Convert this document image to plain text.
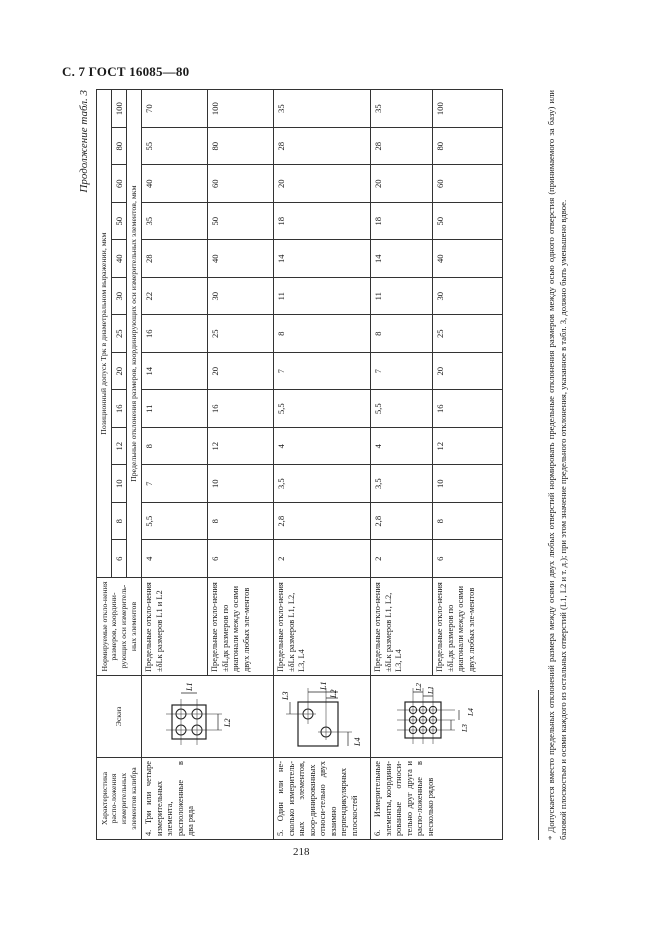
С. 7 ГОСТ 16085—80
Продолжение табл. 3
Характеристика распо-ложения измерительных элементов калибра	Эскиз	Нормируемые откло-нения размеров, координи-рующих оси измеритель-ных элементов	Позиционный допуск Тpк в диаметральном выражении, мкм												
			6	8	10	12	16	20	25	30	40	50	60	80	100
			Предельные отклонения размеров, координирующих оси измерительных элементов, мкм												
4. Три или четыре измерительных элемента, расположенные в два ряда	L1
L2	Предельные откло-нения ±δLк размеров L1 и L2	4	5,5	7	8	11	14	16	22	28	35	40	55	70
		Предельные откло-нения ±δLдк размеров по диагонали между осями двух любых эле-ментов	6	8	10	12	16	20	25	30	40	50	60	80	100
5. Один или не-сколько измеритель-ных элементов, коор-динированных относи-тельно двух взаимно перпендикулярных плоскостей	L3
L1
L2
L4	Предельные откло-нения ±δLк размеров L1, L2, L3, L4	2	2,8	3,5	4	5,5	7	8	11	14	18	20	28	35
6. Измерительные элементы, координи-рованные относи-тельно друг друга и распо-ложенные в несколько рядов	L2 L1
L3
L4	Предельные откло-нения ±δLк размеров L1, L2, L3, L4	2	2,8	3,5	4	5,5	7	8	11	14	18	20	28	35
		Предельные откло-нения ±δLдк размеров по диагонали между осями двух любых эле-ментов	6	8	10	12	16	20	25	30	40	50	60	80	100	* Допускается вместо предельных отклонений размера между осями двух любых отверстий нормировать предельные отклонения размеров между осью одного отверстия (принимаемого за базу) или базовой плоскостью и осями каждого из остальных отверстий (L1, L2 и т. д.); при этом значение предельного отклонения, указанное в табл. 3, должно быть уменьшено вдвое.
218
